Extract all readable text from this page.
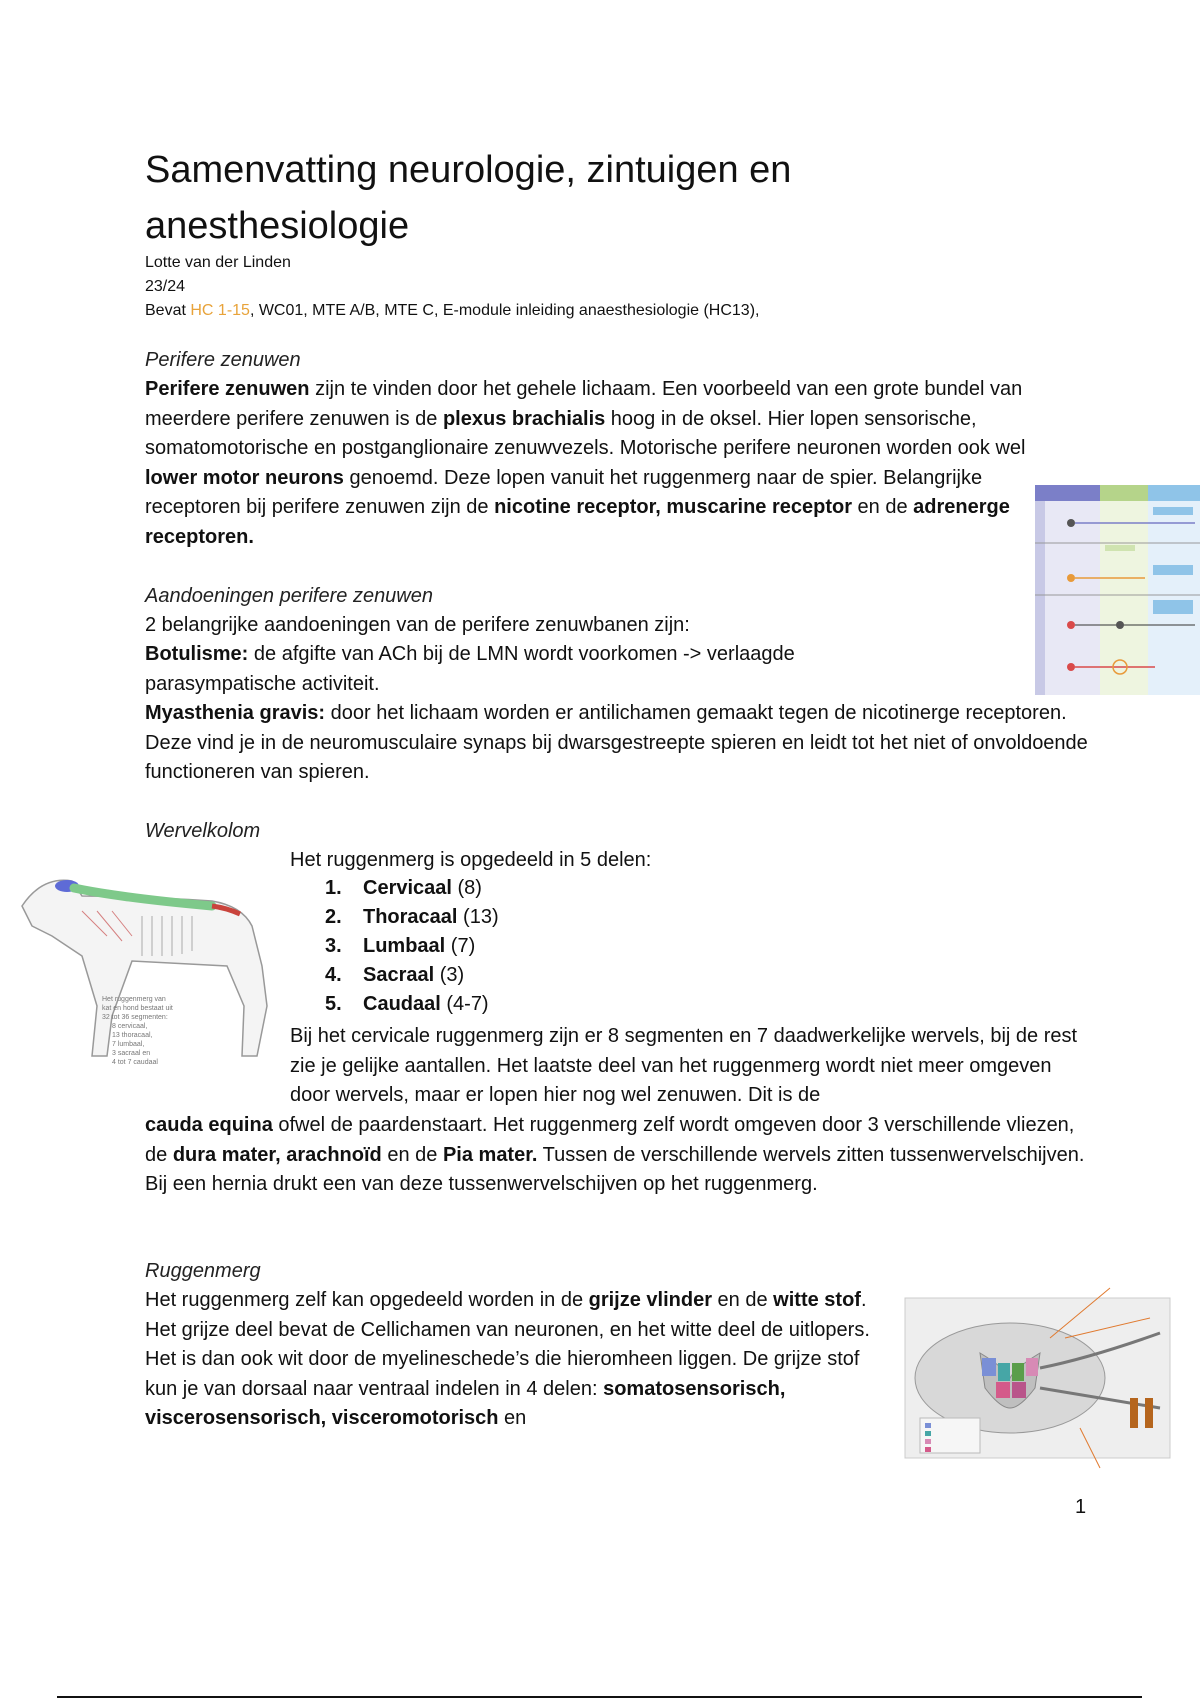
Samenvatting neurologie, zintuigen en anesthesiologie
Lotte van der Linden
23/24
Bevat HC 1-15, WC01, MTE A/B, MTE C, E-module inleiding anaesthesiologie (HC13),
Perifere zenuwen

Perifere zenuwen zijn te vinden door het gehele lichaam. Een voorbeeld van een grote bundel van meerdere perifere zenuwen is de plexus brachialis hoog in de oksel. Hier lopen sensorische, somatomotorische en postganglionaire zenuwvezels. Motorische perifere neuronen worden ook wel lower motor neurons genoemd. Deze lopen vanuit het ruggenmerg naar de spier. Belangrijke receptoren bij perifere zenuwen zijn de nicotine receptor, muscarine receptor en de adrenerge receptoren.

Aandoeningen perifere zenuwen

2 belangrijke aandoeningen van de perifere zenuwbanen zijn:

Botulisme: de afgifte van ACh bij de LMN wordt voorkomen -> verlaagde parasympatische activiteit.

Myasthenia gravis: door het lichaam worden er antilichamen gemaakt tegen de nicotinerge receptoren. Deze vind je in de neuromusculaire synaps bij dwarsgestreepte spieren en leidt tot het niet of onvoldoende functioneren van spieren.

Wervelkolom
Het ruggenmerg van
kat en hond bestaat uit
32 tot 36 segmenten:
8 cervicaal,
13 thoracaal,
7 lumbaal,
3 sacraal en
4 tot 7 caudaal

Het ruggenmerg is opgedeeld in 5 delen:

1. Cervicaal (8)
2. Thoracaal (13)
3. Lumbaal (7)
4. Sacraal (3)
5. Caudaal (4-7)

Bij het cervicale ruggenmerg zijn er 8 segmenten en 7 daadwerkelijke wervels, bij de rest zie je gelijke aantallen. Het laatste deel van het ruggenmerg wordt niet meer omgeven door wervels, maar er lopen hier nog wel zenuwen. Dit is de

cauda equina ofwel de paardenstaart. Het ruggenmerg zelf wordt omgeven door 3 verschillende vliezen, de dura mater, arachnoïd en de Pia mater. Tussen de verschillende wervels zitten tussenwervelschijven. Bij een hernia drukt een van deze tussenwervelschijven op het ruggenmerg.

Ruggenmerg

Het ruggenmerg zelf kan opgedeeld worden in de grijze vlinder en de witte stof. Het grijze deel bevat de Cellichamen van neuronen, en het witte deel de uitlopers. Het is dan ook wit door de myelineschede’s die hieromheen liggen. De grijze stof kun je van dorsaal naar ventraal indelen in 4 delen: somatosensorisch, viscerosensorisch, visceromotorisch en

1
